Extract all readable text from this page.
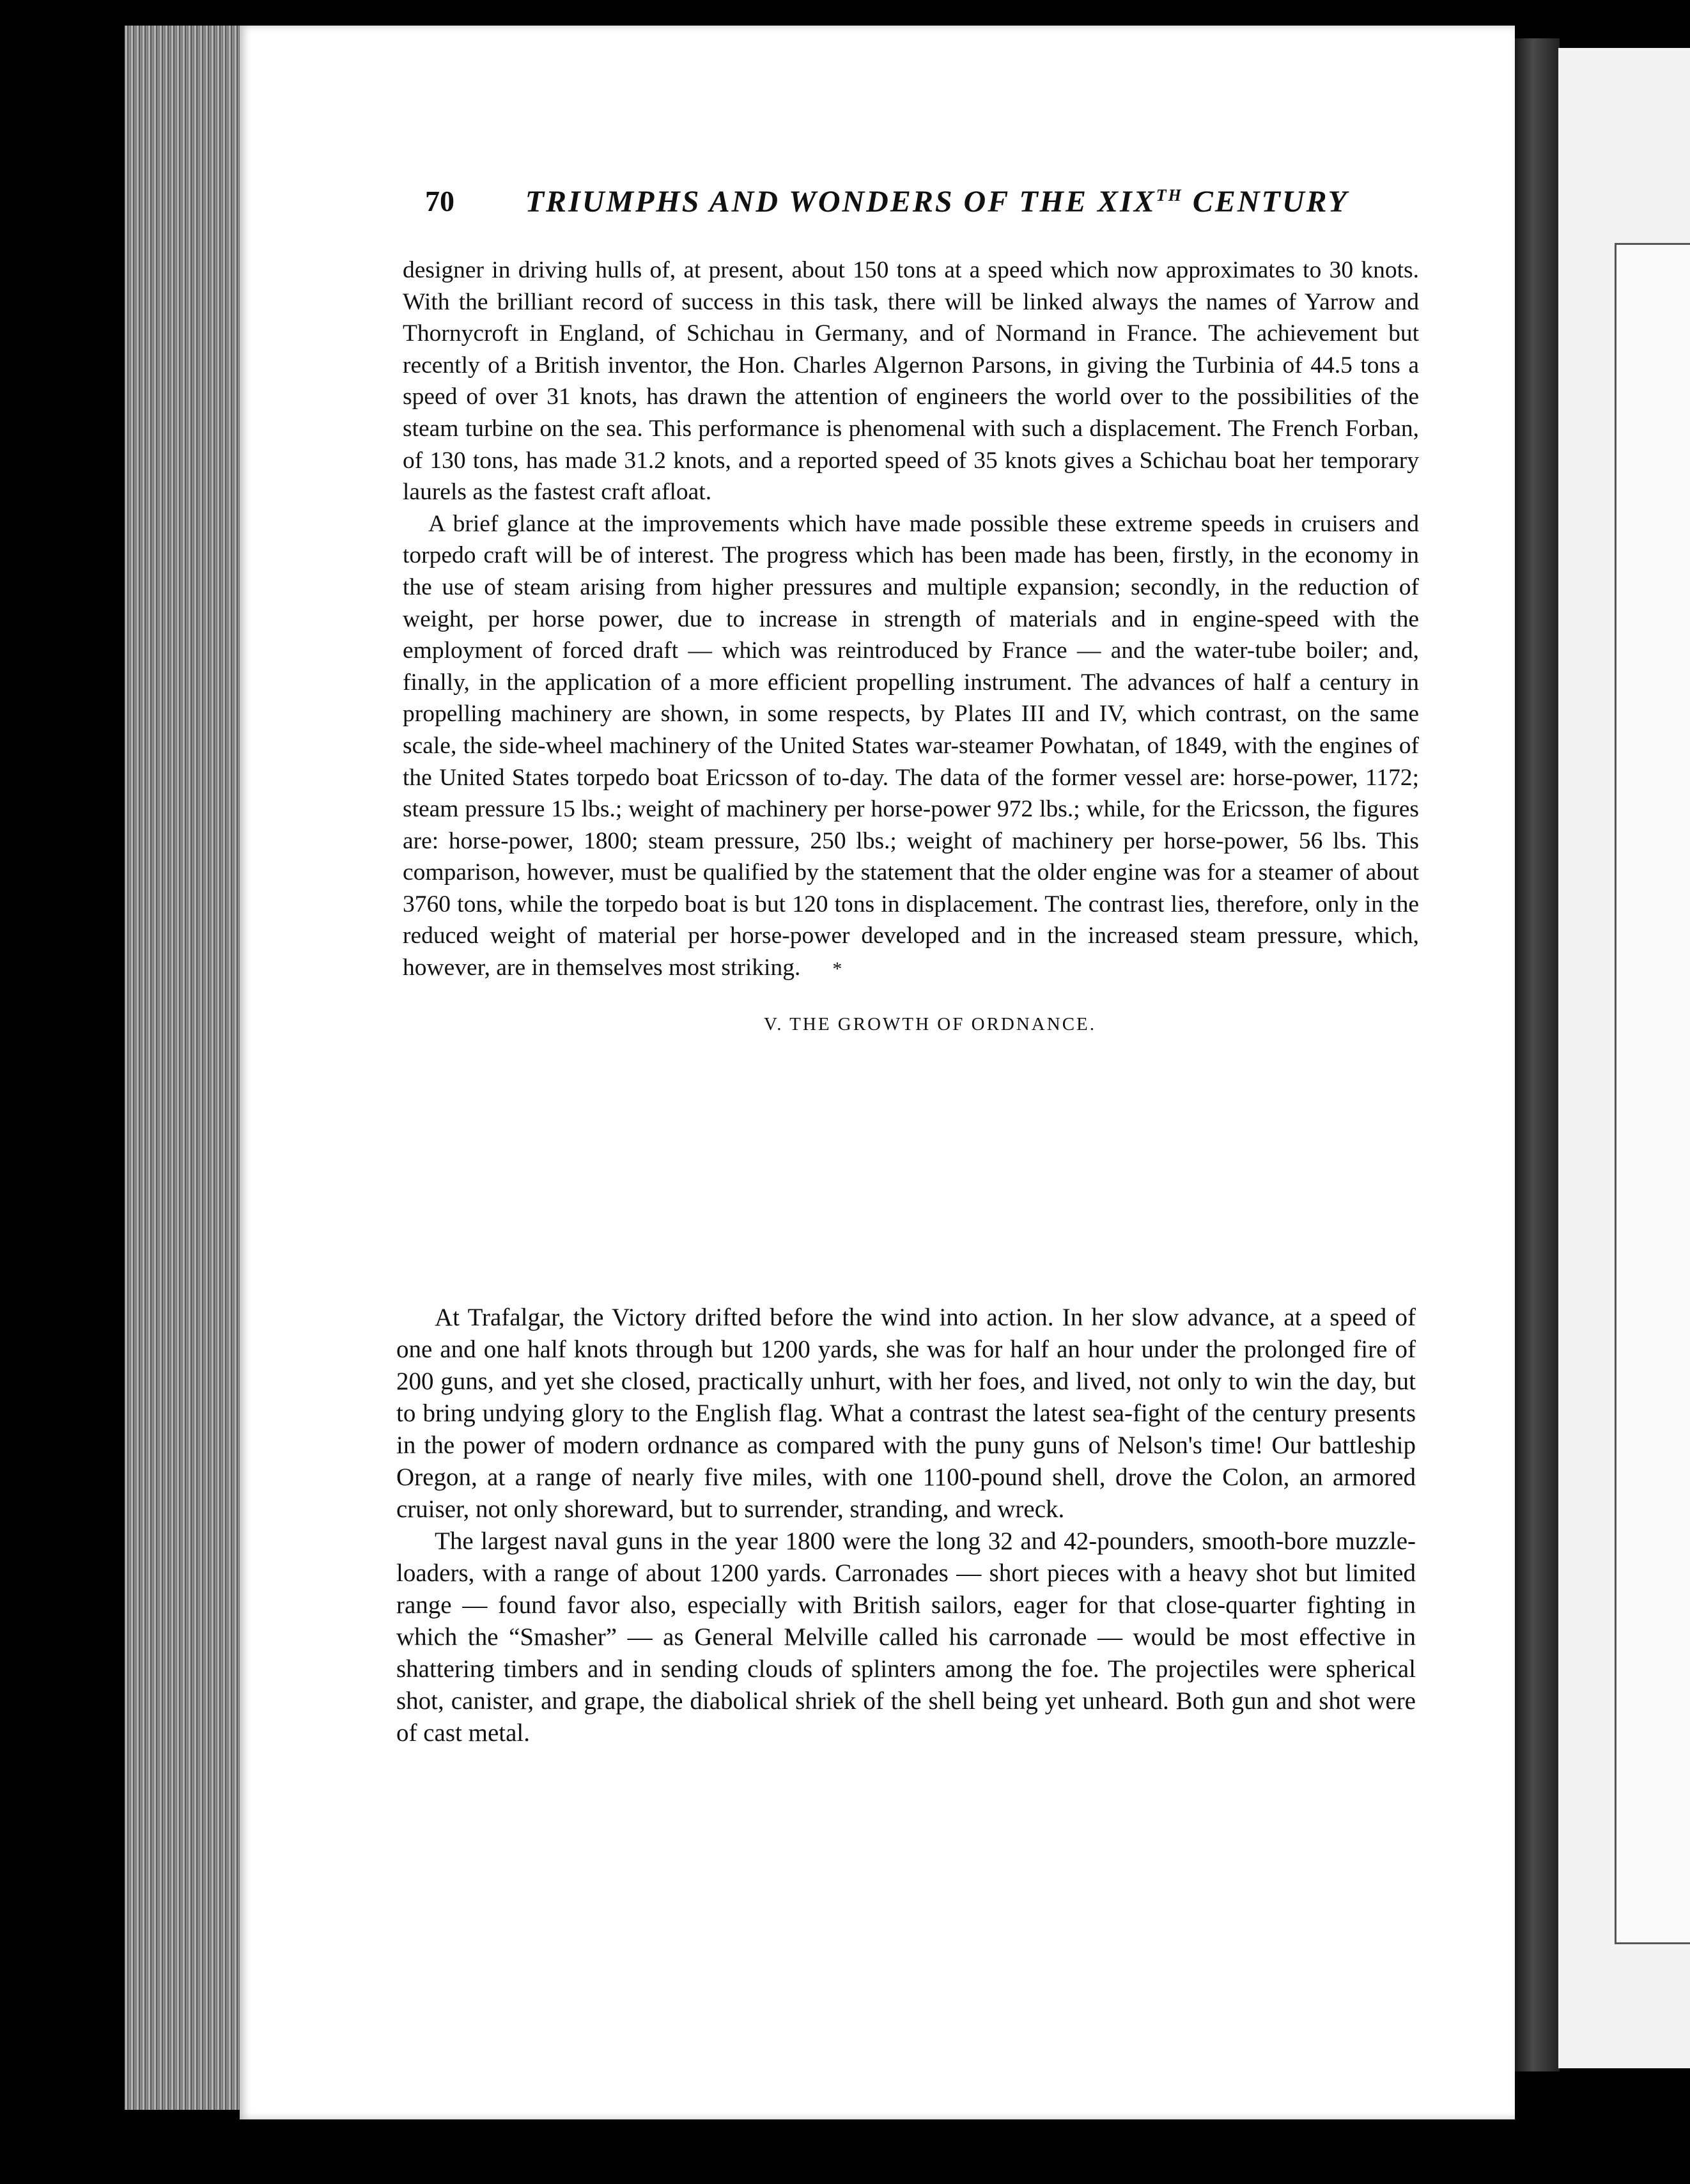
70 TRIUMPHS AND WONDERS OF THE XIXTH CENTURY

designer in driving hulls of, at present, about 150 tons at a speed which now approximates to 30 knots. With the brilliant record of success in this task, there will be linked always the names of Yarrow and Thornycroft in England, of Schichau in Germany, and of Normand in France. The achievement but recently of a British inventor, the Hon. Charles Algernon Parsons, in giving the Turbinia of 44.5 tons a speed of over 31 knots, has drawn the attention of engineers the world over to the possibilities of the steam turbine on the sea. This performance is phenomenal with such a displacement. The French Forban, of 130 tons, has made 31.2 knots, and a reported speed of 35 knots gives a Schichau boat her temporary laurels as the fastest craft afloat.

A brief glance at the improvements which have made possible these extreme speeds in cruisers and torpedo craft will be of interest. The progress which has been made has been, firstly, in the economy in the use of steam arising from higher pressures and multiple expansion; secondly, in the reduction of weight, per horse power, due to increase in strength of materials and in engine-speed with the employment of forced draft — which was reintroduced by France — and the water-tube boiler; and, finally, in the application of a more efficient propelling instrument. The advances of half a century in propelling machinery are shown, in some respects, by Plates III and IV, which contrast, on the same scale, the side-wheel machinery of the United States war-steamer Powhatan, of 1849, with the engines of the United States torpedo boat Ericsson of to-day. The data of the former vessel are: horse-power, 1172; steam pressure 15 lbs.; weight of machinery per horse-power 972 lbs.; while, for the Ericsson, the figures are: horse-power, 1800; steam pressure, 250 lbs.; weight of machinery per horse-power, 56 lbs. This comparison, however, must be qualified by the statement that the older engine was for a steamer of about 3760 tons, while the torpedo boat is but 120 tons in displacement. The contrast lies, therefore, only in the reduced weight of material per horse-power developed and in the increased steam pressure, which, however, are in themselves most striking. *

V. THE GROWTH OF ORDNANCE.

At Trafalgar, the Victory drifted before the wind into action. In her slow advance, at a speed of one and one half knots through but 1200 yards, she was for half an hour under the prolonged fire of 200 guns, and yet she closed, practically unhurt, with her foes, and lived, not only to win the day, but to bring undying glory to the English flag. What a contrast the latest sea-fight of the century presents in the power of modern ordnance as compared with the puny guns of Nelson's time! Our battleship Oregon, at a range of nearly five miles, with one 1100-pound shell, drove the Colon, an armored cruiser, not only shoreward, but to surrender, stranding, and wreck.

The largest naval guns in the year 1800 were the long 32 and 42-pounders, smooth-bore muzzle-loaders, with a range of about 1200 yards. Carronades — short pieces with a heavy shot but limited range — found favor also, especially with British sailors, eager for that close-quarter fighting in which the “Smasher” — as General Melville called his carronade — would be most effective in shattering timbers and in sending clouds of splinters among the foe. The projectiles were spherical shot, canister, and grape, the diabolical shriek of the shell being yet unheard. Both gun and shot were of cast metal.
